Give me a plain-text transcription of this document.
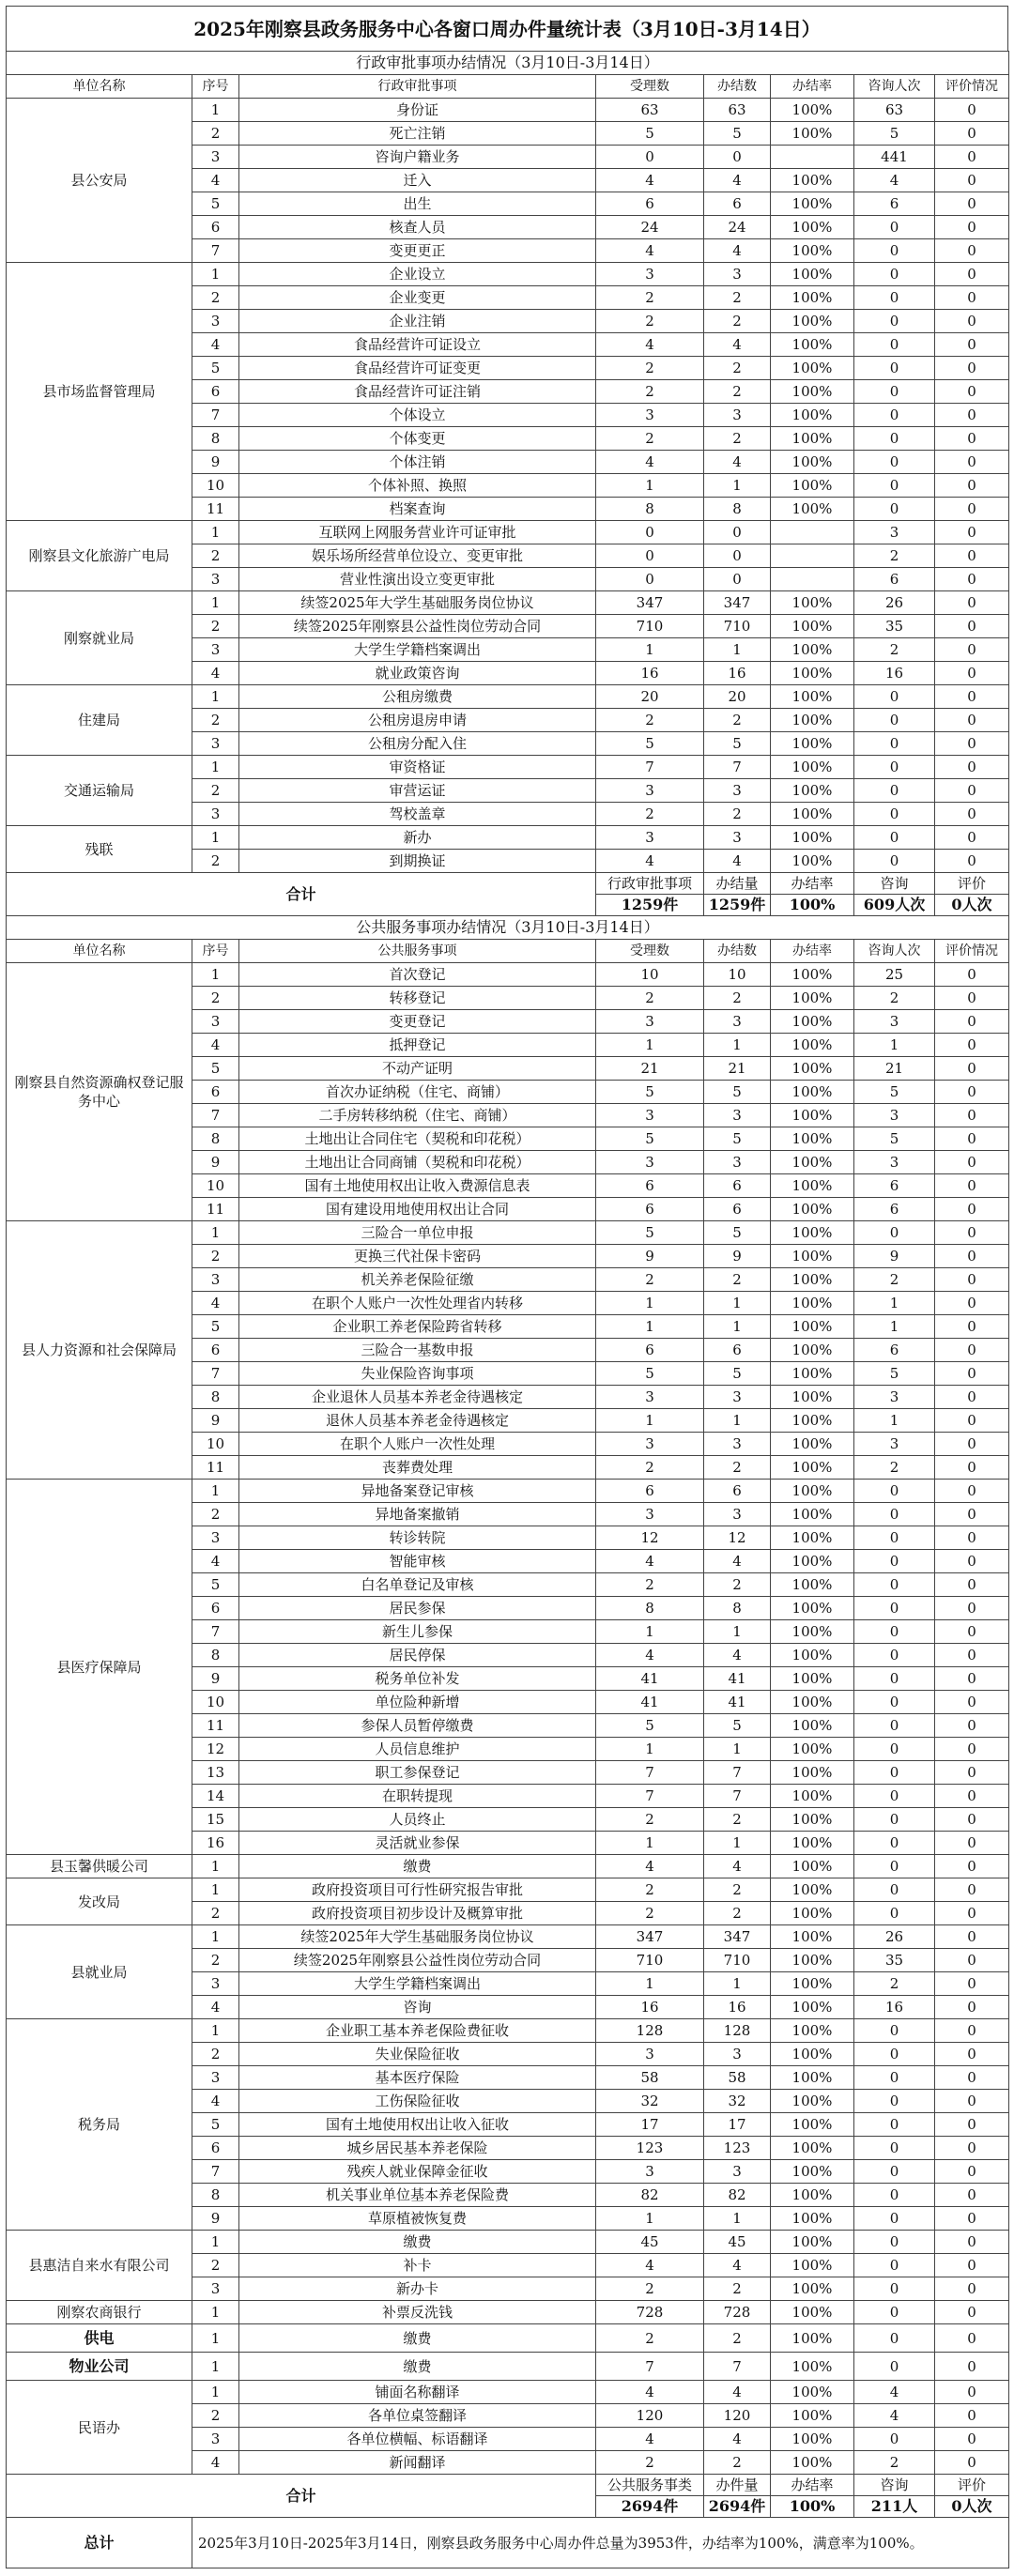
2025年刚察县政务服务中心各窗口周办件量统计表（3月10日-3月14日）
行政审批事项办结情况（3月10日-3月14日）							
单位名称	序号	行政审批事项	受理数	办结数	办结率	咨询人次	评价情况
县公安局	1	身份证	63	63	100%	63	0
	2	死亡注销	5	5	100%	5	0
	3	咨询户籍业务	0	0		441	0
	4	迁入	4	4	100%	4	0
	5	出生	6	6	100%	6	0
	6	核查人员	24	24	100%	0	0
	7	变更更正	4	4	100%	0	0
县市场监督管理局	1	企业设立	3	3	100%	0	0
	2	企业变更	2	2	100%	0	0
	3	企业注销	2	2	100%	0	0
	4	食品经营许可证设立	4	4	100%	0	0
	5	食品经营许可证变更	2	2	100%	0	0
	6	食品经营许可证注销	2	2	100%	0	0
	7	个体设立	3	3	100%	0	0
	8	个体变更	2	2	100%	0	0
	9	个体注销	4	4	100%	0	0
	10	个体补照、换照	1	1	100%	0	0
	11	档案查询	8	8	100%	0	0
刚察县文化旅游广电局	1	互联网上网服务营业许可证审批	0	0		3	0
	2	娱乐场所经营单位设立、变更审批	0	0		2	0
	3	营业性演出设立变更审批	0	0		6	0
刚察就业局	1	续签2025年大学生基础服务岗位协议	347	347	100%	26	0
	2	续签2025年刚察县公益性岗位劳动合同	710	710	100%	35	0
	3	大学生学籍档案调出	1	1	100%	2	0
	4	就业政策咨询	16	16	100%	16	0
住建局	1	公租房缴费	20	20	100%	0	0
	2	公租房退房申请	2	2	100%	0	0
	3	公租房分配入住	5	5	100%	0	0
交通运输局	1	审资格证	7	7	100%	0	0
	2	审营运证	3	3	100%	0	0
	3	驾校盖章	2	2	100%	0	0
残联	1	新办	3	3	100%	0	0
	2	到期换证	4	4	100%	0	0
合计			行政审批事项	办结量	办结率	咨询	评价
			1259件	1259件	100%	609人次	0人次
公共服务事项办结情况（3月10日-3月14日）							
单位名称	序号	公共服务事项	受理数	办结数	办结率	咨询人次	评价情况
刚察县自然资源确权登记服务中心	1	首次登记	10	10	100%	25	0
	2	转移登记	2	2	100%	2	0
	3	变更登记	3	3	100%	3	0
	4	抵押登记	1	1	100%	1	0
	5	不动产证明	21	21	100%	21	0
	6	首次办证纳税（住宅、商铺）	5	5	100%	5	0
	7	二手房转移纳税（住宅、商铺）	3	3	100%	3	0
	8	土地出让合同住宅（契税和印花税）	5	5	100%	5	0
	9	土地出让合同商铺（契税和印花税）	3	3	100%	3	0
	10	国有土地使用权出让收入费源信息表	6	6	100%	6	0
	11	国有建设用地使用权出让合同	6	6	100%	6	0
县人力资源和社会保障局	1	三险合一单位申报	5	5	100%	0	0
	2	更换三代社保卡密码	9	9	100%	9	0
	3	机关养老保险征缴	2	2	100%	2	0
	4	在职个人账户一次性处理省内转移	1	1	100%	1	0
	5	企业职工养老保险跨省转移	1	1	100%	1	0
	6	三险合一基数申报	6	6	100%	6	0
	7	失业保险咨询事项	5	5	100%	5	0
	8	企业退休人员基本养老金待遇核定	3	3	100%	3	0
	9	退休人员基本养老金待遇核定	1	1	100%	1	0
	10	在职个人账户一次性处理	3	3	100%	3	0
	11	丧葬费处理	2	2	100%	2	0
县医疗保障局	1	异地备案登记审核	6	6	100%	0	0
	2	异地备案撤销	3	3	100%	0	0
	3	转诊转院	12	12	100%	0	0
	4	智能审核	4	4	100%	0	0
	5	白名单登记及审核	2	2	100%	0	0
	6	居民参保	8	8	100%	0	0
	7	新生儿参保	1	1	100%	0	0
	8	居民停保	4	4	100%	0	0
	9	税务单位补发	41	41	100%	0	0
	10	单位险种新增	41	41	100%	0	0
	11	参保人员暂停缴费	5	5	100%	0	0
	12	人员信息维护	1	1	100%	0	0
	13	职工参保登记	7	7	100%	0	0
	14	在职转提现	7	7	100%	0	0
	15	人员终止	2	2	100%	0	0
	16	灵活就业参保	1	1	100%	0	0
县玉馨供暖公司	1	缴费	4	4	100%	0	0
发改局	1	政府投资项目可行性研究报告审批	2	2	100%	0	0
	2	政府投资项目初步设计及概算审批	2	2	100%	0	0
县就业局	1	续签2025年大学生基础服务岗位协议	347	347	100%	26	0
	2	续签2025年刚察县公益性岗位劳动合同	710	710	100%	35	0
	3	大学生学籍档案调出	1	1	100%	2	0
	4	咨询	16	16	100%	16	0
税务局	1	企业职工基本养老保险费征收	128	128	100%	0	0
	2	失业保险征收	3	3	100%	0	0
	3	基本医疗保险	58	58	100%	0	0
	4	工伤保险征收	32	32	100%	0	0
	5	国有土地使用权出让收入征收	17	17	100%	0	0
	6	城乡居民基本养老保险	123	123	100%	0	0
	7	残疾人就业保障金征收	3	3	100%	0	0
	8	机关事业单位基本养老保险费	82	82	100%	0	0
	9	草原植被恢复费	1	1	100%	0	0
县惠洁自来水有限公司	1	缴费	45	45	100%	0	0
	2	补卡	4	4	100%	0	0
	3	新办卡	2	2	100%	0	0
刚察农商银行	1	补票反洗钱	728	728	100%	0	0
供电	1	缴费	2	2	100%	0	0
物业公司	1	缴费	7	7	100%	0	0
民语办	1	铺面名称翻译	4	4	100%	4	0
	2	各单位桌签翻译	120	120	100%	4	0
	3	各单位横幅、标语翻译	4	4	100%	0	0
	4	新闻翻译	2	2	100%	2	0
合计			公共服务事类	办件量	办结率	咨询	评价
			2694件	2694件	100%	211人	0人次
总计	2025年3月10日-2025年3月14日，刚察县政务服务中心周办件总量为3953件，办结率为100%，满意率为100%。						
